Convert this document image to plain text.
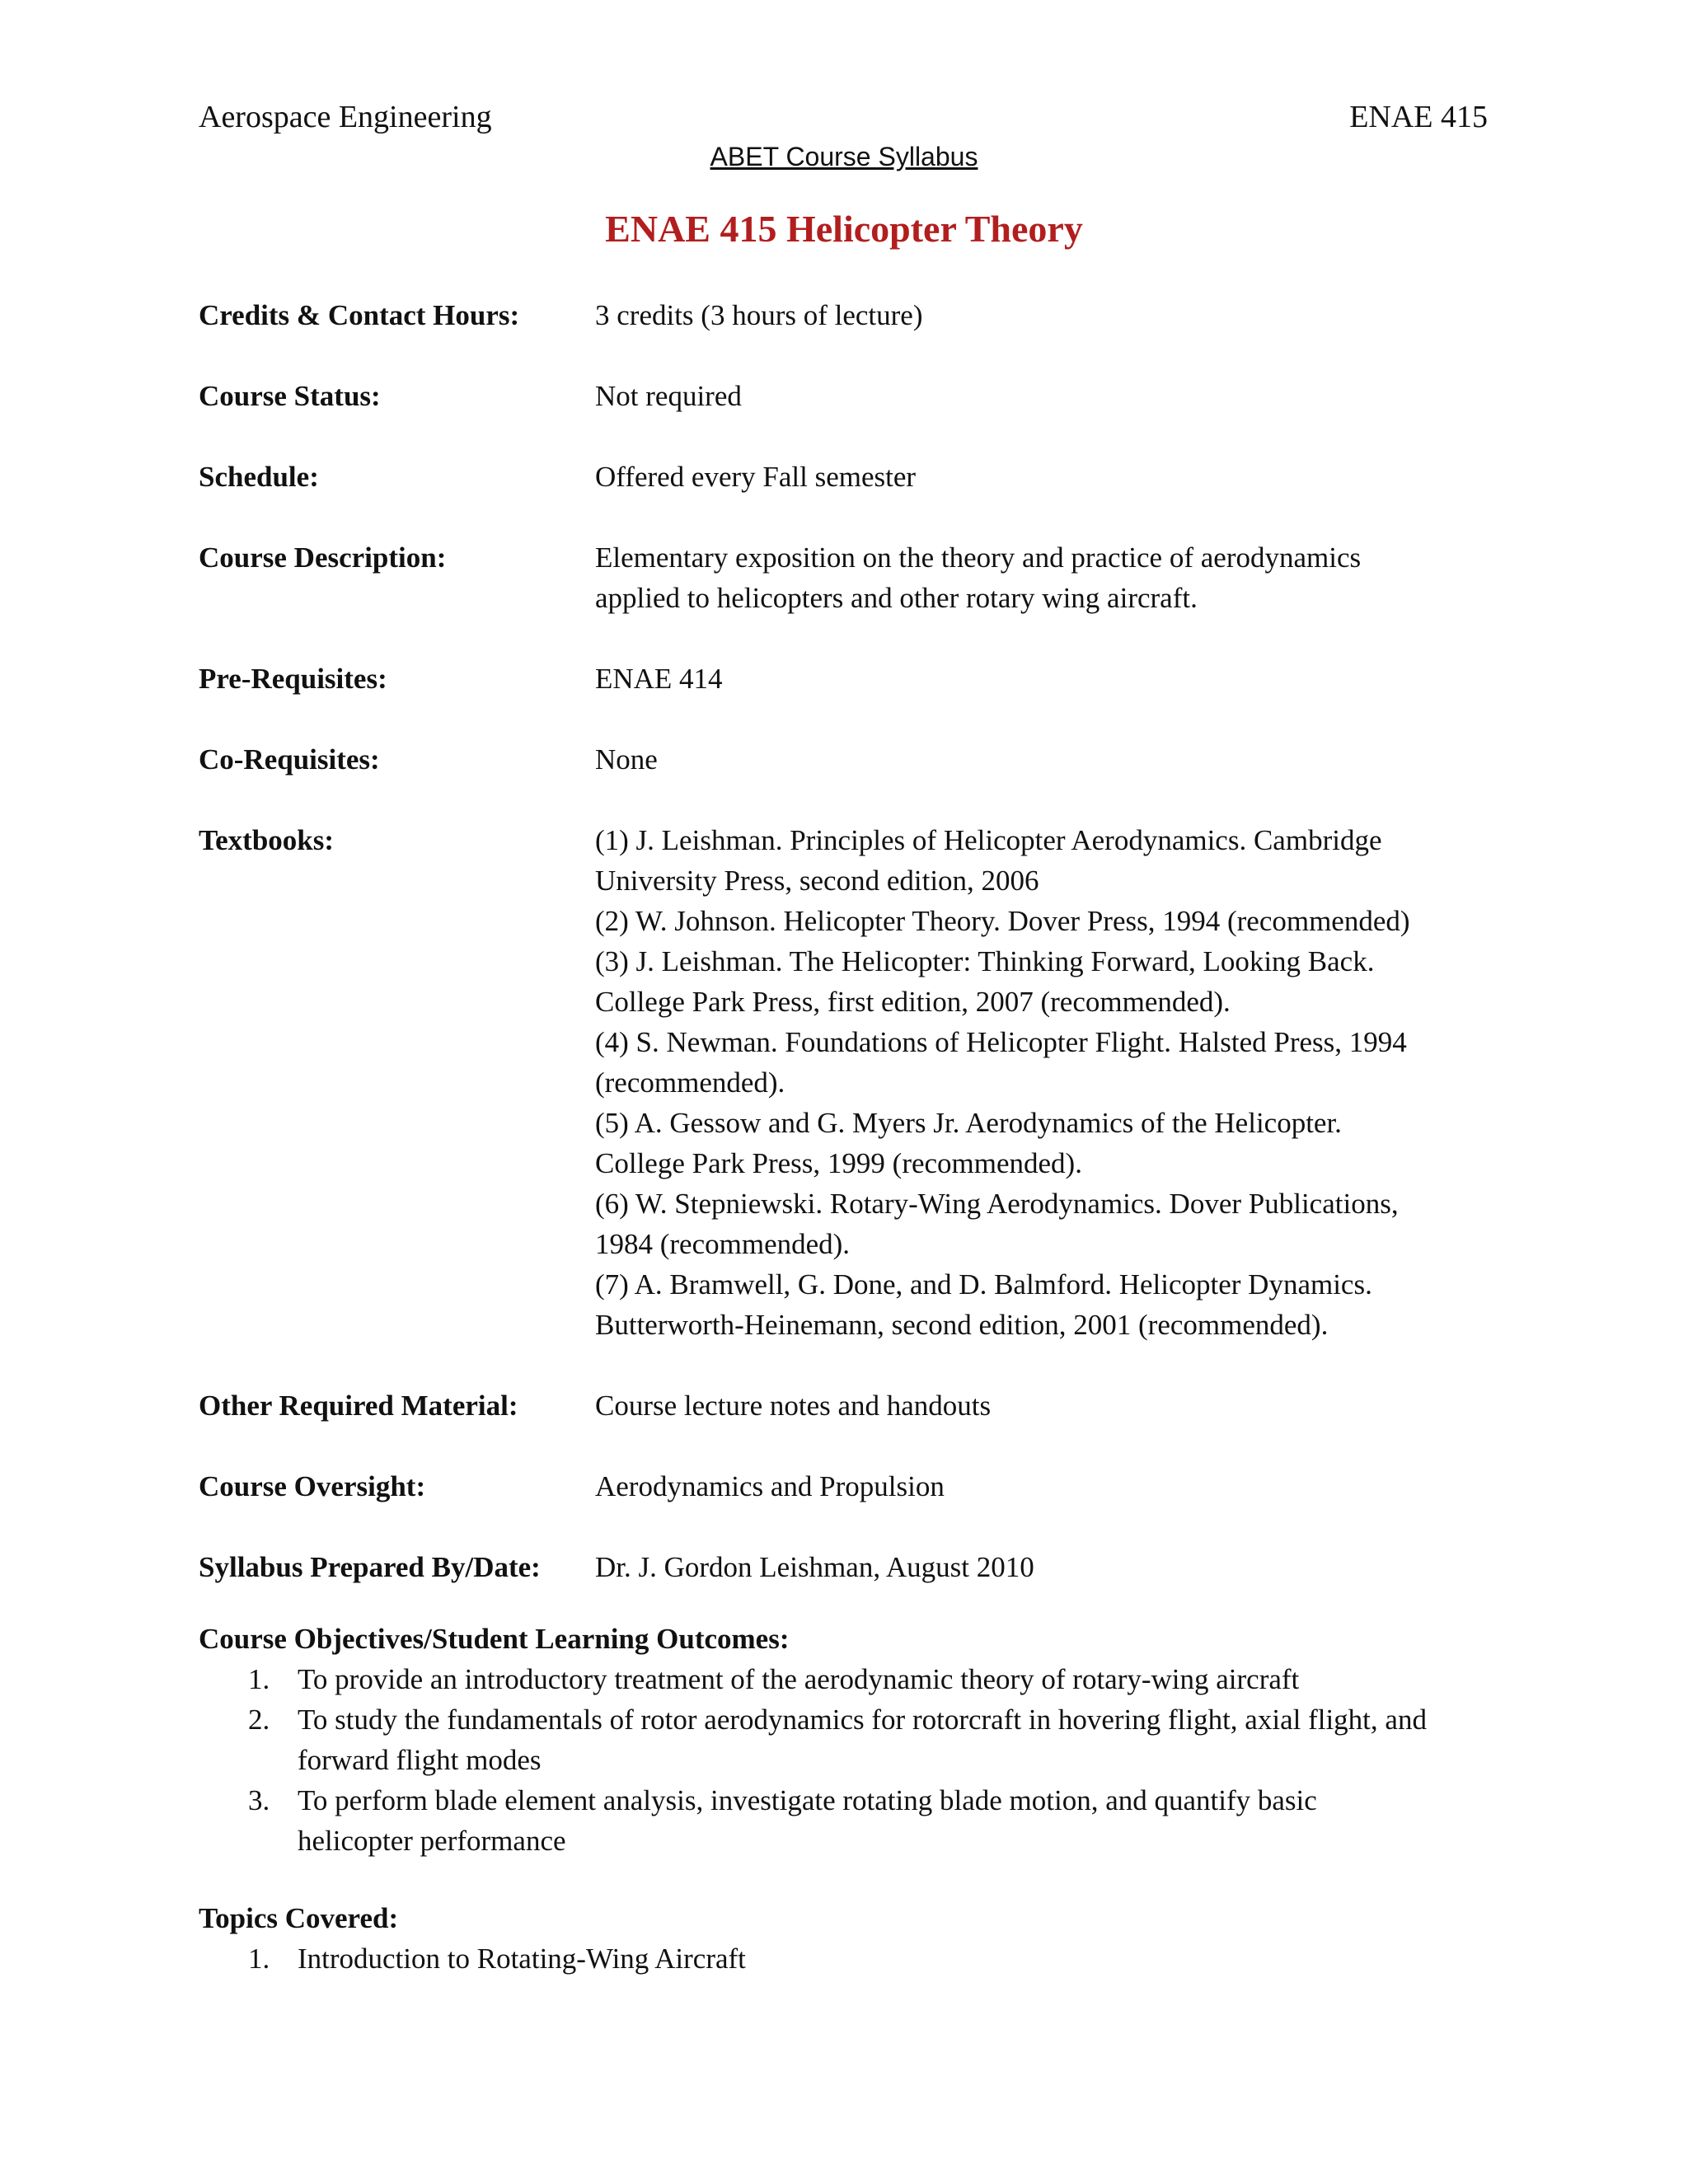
Aerospace Engineering	ENAE 415
ABET Course Syllabus
ENAE 415 Helicopter Theory
Credits & Contact Hours:	3 credits (3 hours of lecture)
Course Status:	Not required
Schedule:	Offered every Fall semester
Course Description:	Elementary exposition on the theory and practice of aerodynamics
applied to helicopters and other rotary wing aircraft.
Pre-Requisites:	ENAE 414
Co-Requisites:	None
Textbooks:	(1) J. Leishman. Principles of Helicopter Aerodynamics. Cambridge
University Press, second edition, 2006
(2) W. Johnson. Helicopter Theory. Dover Press, 1994 (recommended)
(3) J. Leishman. The Helicopter: Thinking Forward, Looking Back.
College Park Press, first edition, 2007 (recommended).
(4) S. Newman. Foundations of Helicopter Flight. Halsted Press, 1994
(recommended).
(5) A. Gessow and G. Myers Jr. Aerodynamics of the Helicopter.
College Park Press, 1999 (recommended).
(6) W. Stepniewski. Rotary-Wing Aerodynamics. Dover Publications,
1984 (recommended).
(7) A. Bramwell, G. Done, and D. Balmford. Helicopter Dynamics.
Butterworth-Heinemann, second edition, 2001 (recommended).
Other Required Material:	Course lecture notes and handouts
Course Oversight:	Aerodynamics and Propulsion
Syllabus Prepared By/Date:	Dr. J. Gordon Leishman, August 2010
Course Objectives/Student Learning Outcomes:
1. To provide an introductory treatment of the aerodynamic theory of rotary-wing aircraft
2. To study the fundamentals of rotor aerodynamics for rotorcraft in hovering flight, axial flight, and
forward flight modes
3. To perform blade element analysis, investigate rotating blade motion, and quantify basic
helicopter performance
Topics Covered:
1. Introduction to Rotating-Wing Aircraft
